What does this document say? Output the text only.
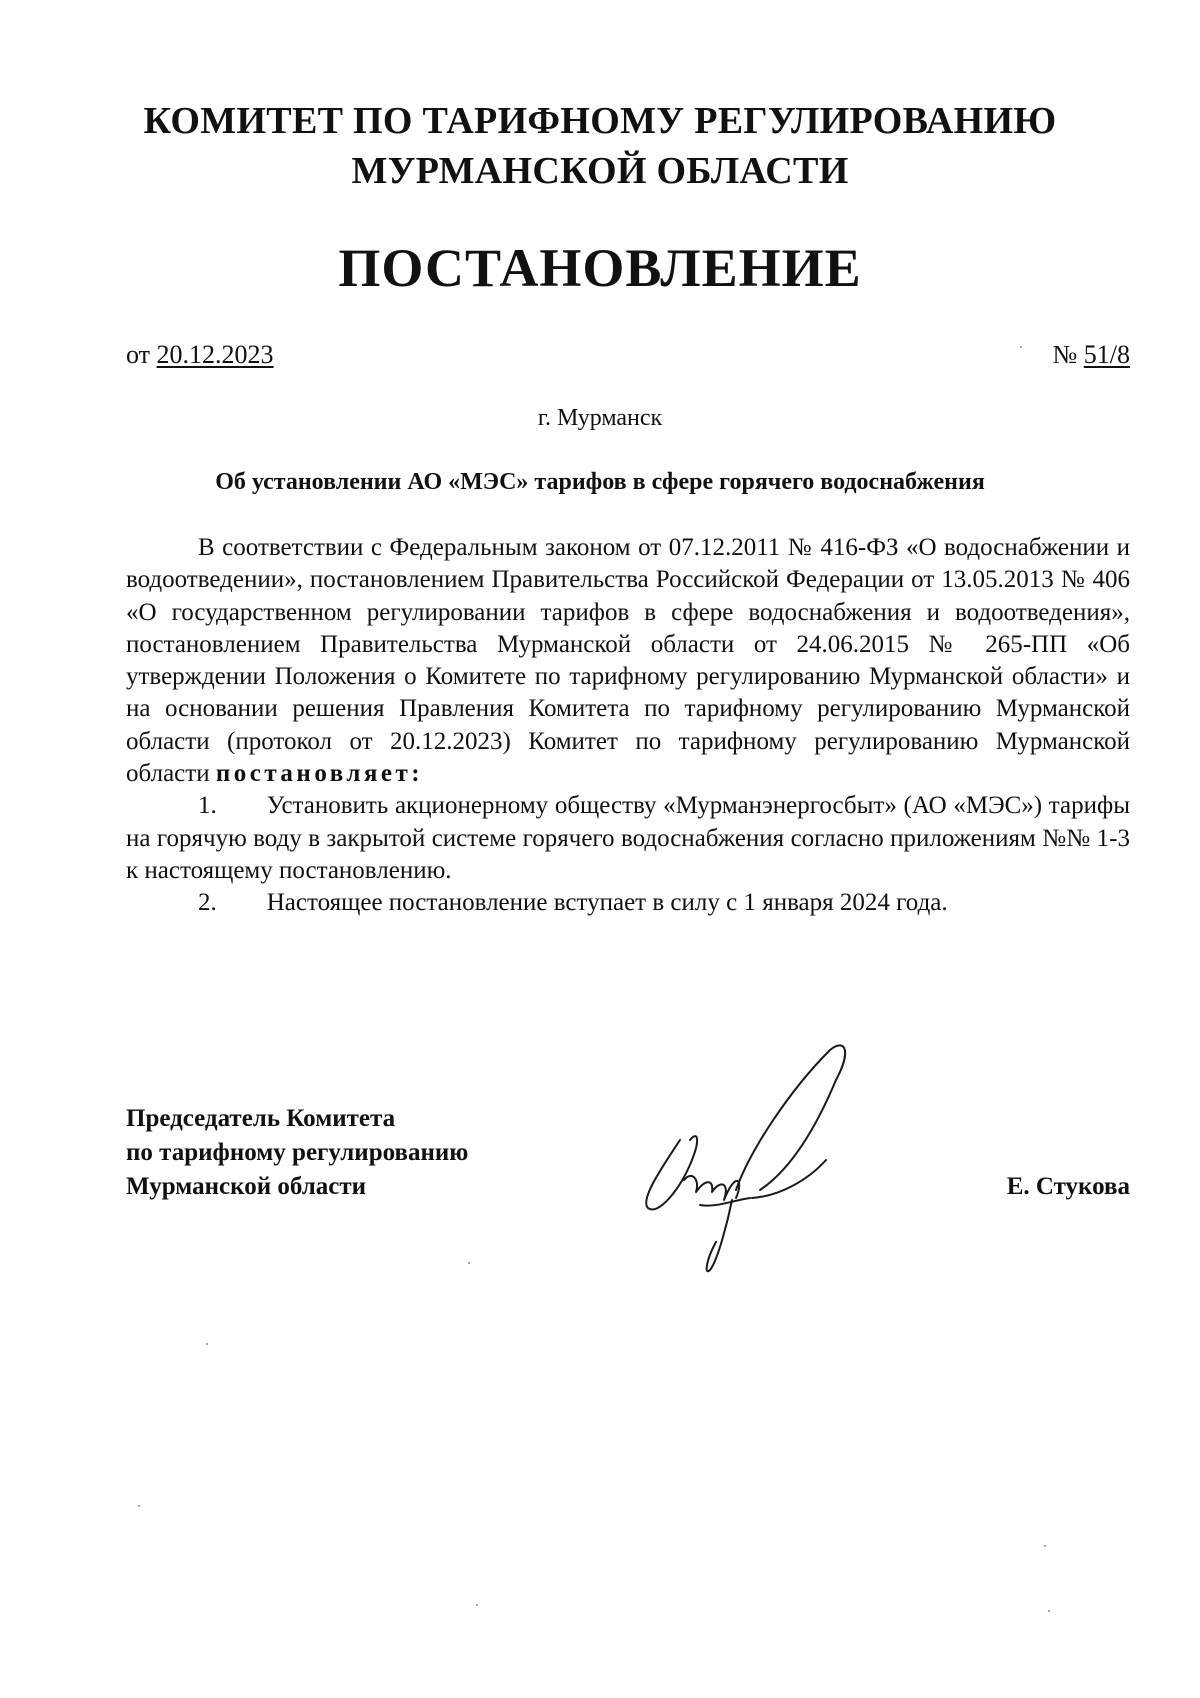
КОМИТЕТ ПО ТАРИФНОМУ РЕГУЛИРОВАНИЮ
МУРМАНСКОЙ ОБЛАСТИ
ПОСТАНОВЛЕНИЕ
от 20.12.2023	№ 51/8
г. Мурманск
Об установлении АО «МЭС» тарифов в сфере горячего водоснабжения

В соответствии с Федеральным законом от 07.12.2011 № 416-ФЗ «О водоснабжении и водоотведении», постановлением Правительства Российской Федерации от 13.05.2013 № 406 «О государственном регулировании тарифов в сфере водоснабжения и водоотведения», постановлением Правительства Мурманской области от 24.06.2015 № 265-ПП «Об утверждении Положения о Комитете по тарифному регулированию Мурманской области» и на основании решения Правления Комитета по тарифному регулированию Мурманской области (протокол от 20.12.2023) Комитет по тарифному регулированию Мурманской области постановляет:

1.   Установить акционерному обществу «Мурманэнергосбыт» (АО «МЭС») тарифы на горячую воду в закрытой системе горячего водоснабжения согласно приложениям №№ 1-3 к настоящему постановлению.

2.   Настоящее постановление вступает в силу с 1 января 2024 года.

Председатель Комитета
по тарифному регулированию
Мурманской области	Е. Стукова
